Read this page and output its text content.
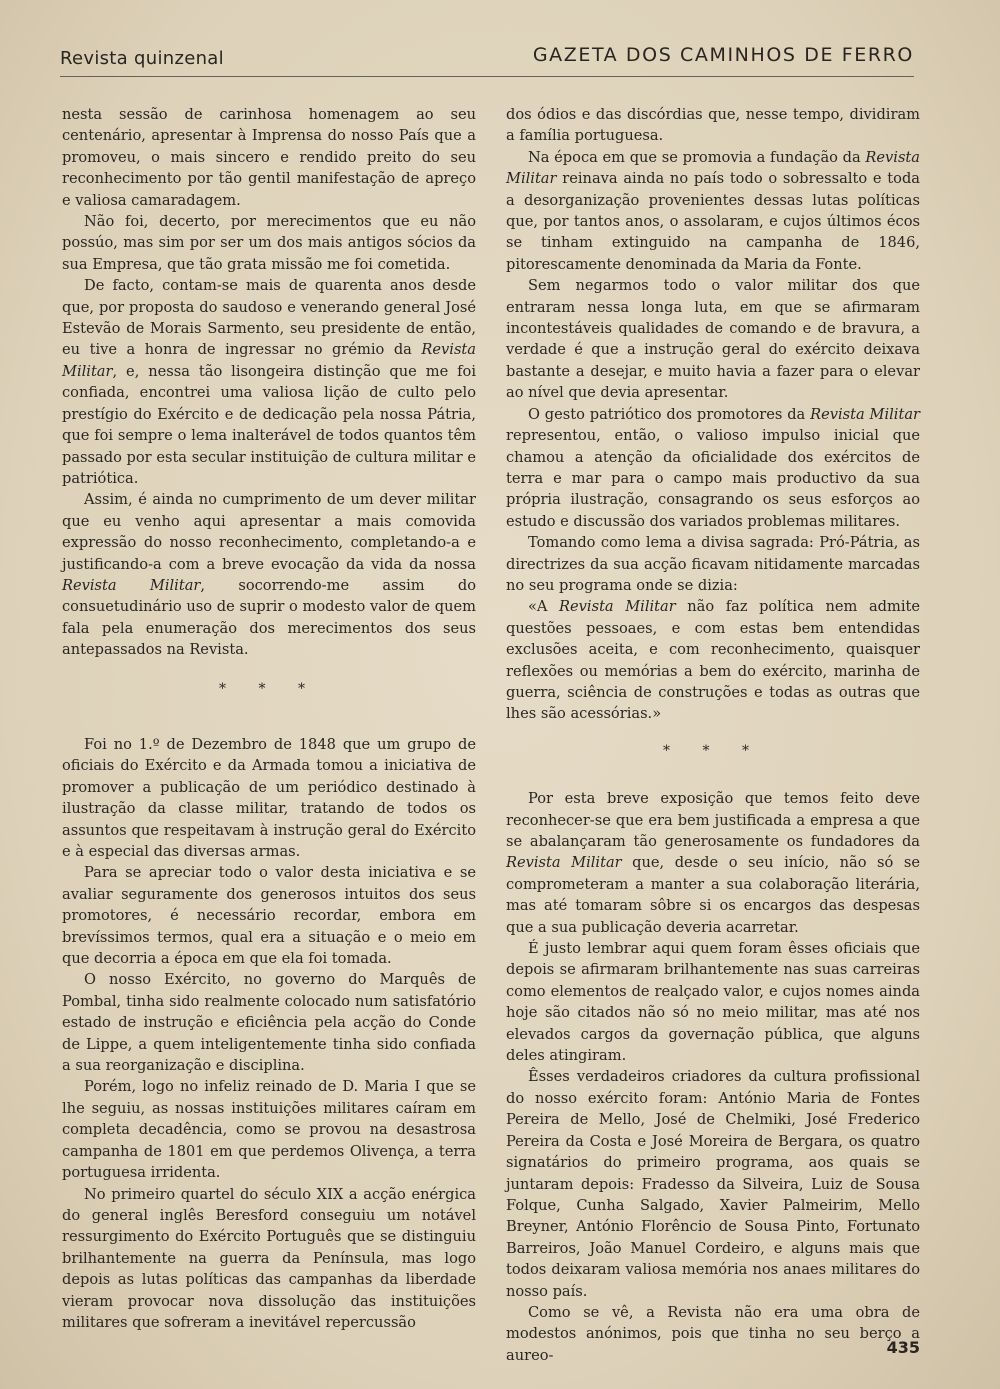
Revista quinzenal	GAZETA DOS CAMINHOS DE FERRO

nesta sessão de carinhosa homenagem ao seu centenário, apresentar à Imprensa do nosso País que a promoveu, o mais sincero e rendido preito do seu reconhecimento por tão gentil manifestação de apreço e valiosa camaradagem.

Não foi, decerto, por merecimentos que eu não possúo, mas sim por ser um dos mais antigos sócios da sua Empresa, que tão grata missão me foi cometida.

De facto, contam-se mais de quarenta anos desde que, por proposta do saudoso e venerando general José Estevão de Morais Sarmento, seu presidente de então, eu tive a honra de ingressar no grémio da Revista Militar, e, nessa tão lisongeira distinção que me foi confiada, encontrei uma valiosa lição de culto pelo prestígio do Exército e de dedicação pela nossa Pátria, que foi sempre o lema inalterável de todos quantos têm passado por esta secular instituição de cultura militar e patriótica.

Assim, é ainda no cumprimento de um dever militar que eu venho aqui apresentar a mais comovida expressão do nosso reconhecimento, completando-a e justificando-a com a breve evocação da vida da nossa Revista Militar, socorrendo-me assim do consuetudinário uso de suprir o modesto valor de quem fala pela enumeração dos merecimentos dos seus antepassados na Revista.

* * *

Foi no 1.º de Dezembro de 1848 que um grupo de oficiais do Exército e da Armada tomou a iniciativa de promover a publicação de um periódico destinado à ilustração da classe militar, tratando de todos os assuntos que respeitavam à instrução geral do Exército e à especial das diversas armas.

Para se apreciar todo o valor desta iniciativa e se avaliar seguramente dos generosos intuitos dos seus promotores, é necessário recordar, embora em brevíssimos termos, qual era a situação e o meio em que decorria a época em que ela foi tomada.

O nosso Exército, no governo do Marquês de Pombal, tinha sido realmente colocado num satisfatório estado de instrução e eficiência pela acção do Conde de Lippe, a quem inteligentemente tinha sido confiada a sua reorganização e disciplina.

Porém, logo no infeliz reinado de D. Maria I que se lhe seguiu, as nossas instituições militares caíram em completa decadência, como se provou na desastrosa campanha de 1801 em que perdemos Olivença, a terra portuguesa irridenta.

No primeiro quartel do século XIX a acção enérgica do general inglês Beresford conseguiu um notável ressurgimento do Exército Português que se distinguiu brilhantemente na guerra da Península, mas logo depois as lutas políticas das campanhas da liberdade vieram provocar nova dissolução das instituições militares que sofreram a inevitável repercussão

dos ódios e das discórdias que, nesse tempo, dividiram a família portuguesa.

Na época em que se promovia a fundação da Revista Militar reinava ainda no país todo o sobressalto e toda a desorganização provenientes dessas lutas políticas que, por tantos anos, o assolaram, e cujos últimos écos se tinham extinguido na campanha de 1846, pitorescamente denominada da Maria da Fonte.

Sem negarmos todo o valor militar dos que entraram nessa longa luta, em que se afirmaram incontestáveis qualidades de comando e de bravura, a verdade é que a instrução geral do exército deixava bastante a desejar, e muito havia a fazer para o elevar ao nível que devia apresentar.

O gesto patriótico dos promotores da Revista Militar representou, então, o valioso impulso inicial que chamou a atenção da oficialidade dos exércitos de terra e mar para o campo mais productivo da sua própria ilustração, consagrando os seus esforços ao estudo e discussão dos variados problemas militares.

Tomando como lema a divisa sagrada: Pró-Pátria, as directrizes da sua acção ficavam nitidamente marcadas no seu programa onde se dizia:

«A Revista Militar não faz política nem admite questões pessoaes, e com estas bem entendidas exclusões aceita, e com reconhecimento, quaisquer reflexões ou memórias a bem do exército, marinha de guerra, sciência de construções e todas as outras que lhes são acessórias.»

* * *

Por esta breve exposição que temos feito deve reconhecer-se que era bem justificada a empresa a que se abalançaram tão generosamente os fundadores da Revista Militar que, desde o seu início, não só se comprometeram a manter a sua colaboração literária, mas até tomaram sôbre si os encargos das despesas que a sua publicação deveria acarretar.

É justo lembrar aqui quem foram êsses oficiais que depois se afirmaram brilhantemente nas suas carreiras como elementos de realçado valor, e cujos nomes ainda hoje são citados não só no meio militar, mas até nos elevados cargos da governação pública, que alguns deles atingiram.

Êsses verdadeiros criadores da cultura profissional do nosso exército foram: António Maria de Fontes Pereira de Mello, José de Chelmiki, José Frederico Pereira da Costa e José Moreira de Bergara, os quatro signatários do primeiro programa, aos quais se juntaram depois: Fradesso da Silveira, Luiz de Sousa Folque, Cunha Salgado, Xavier Palmeirim, Mello Breyner, António Florêncio de Sousa Pinto, Fortunato Barreiros, João Manuel Cordeiro, e alguns mais que todos deixaram valiosa memória nos anaes militares do nosso país.

Como se vê, a Revista não era uma obra de modestos anónimos, pois que tinha no seu berço a aureo-	435
